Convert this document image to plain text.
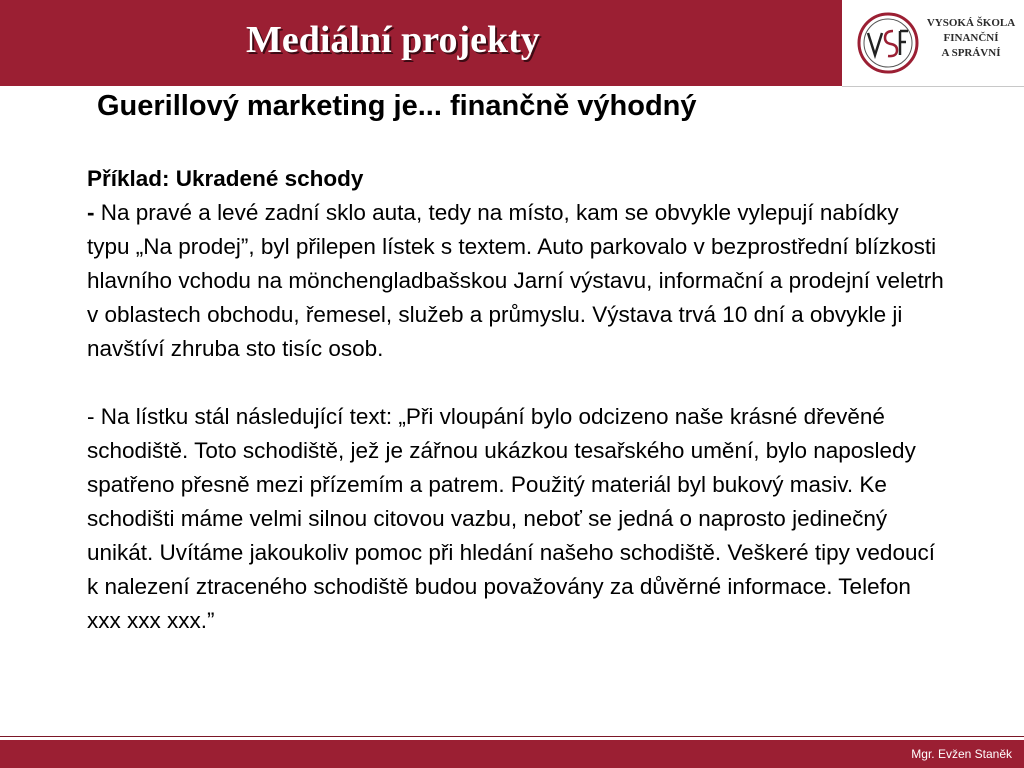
Mediální projekty	VYSOKÁ ŠKOLA
FINANČNÍ
A SPRÁVNÍ
Guerillový marketing je... finančně výhodný

Příklad: Ukradené schody

- Na pravé a levé zadní sklo auta, tedy na místo, kam se obvykle vylepují nabídky typu „Na prodej”, byl přilepen lístek s textem. Auto parkovalo v bezprostřední blízkosti hlavního vchodu na mönchengladbašskou Jarní výstavu, informační a prodejní veletrh v oblastech obchodu, řemesel, služeb a průmyslu. Výstava trvá 10 dní a obvykle ji navštíví zhruba sto tisíc osob.

- Na lístku stál následující text: „Při vloupání bylo odcizeno naše krásné dřevěné schodiště. Toto schodiště, jež je zářnou ukázkou tesařského umění, bylo naposledy spatřeno přesně mezi přízemím a patrem. Použitý materiál byl bukový masiv. Ke schodišti máme velmi silnou citovou vazbu, neboť se jedná o naprosto jedinečný unikát. Uvítáme jakoukoliv pomoc při hledání našeho schodiště. Veškeré tipy vedoucí k nalezení ztraceného schodiště budou považovány za důvěrné informace. Telefon xxx xxx xxx.”

Mgr. Evžen Staněk
